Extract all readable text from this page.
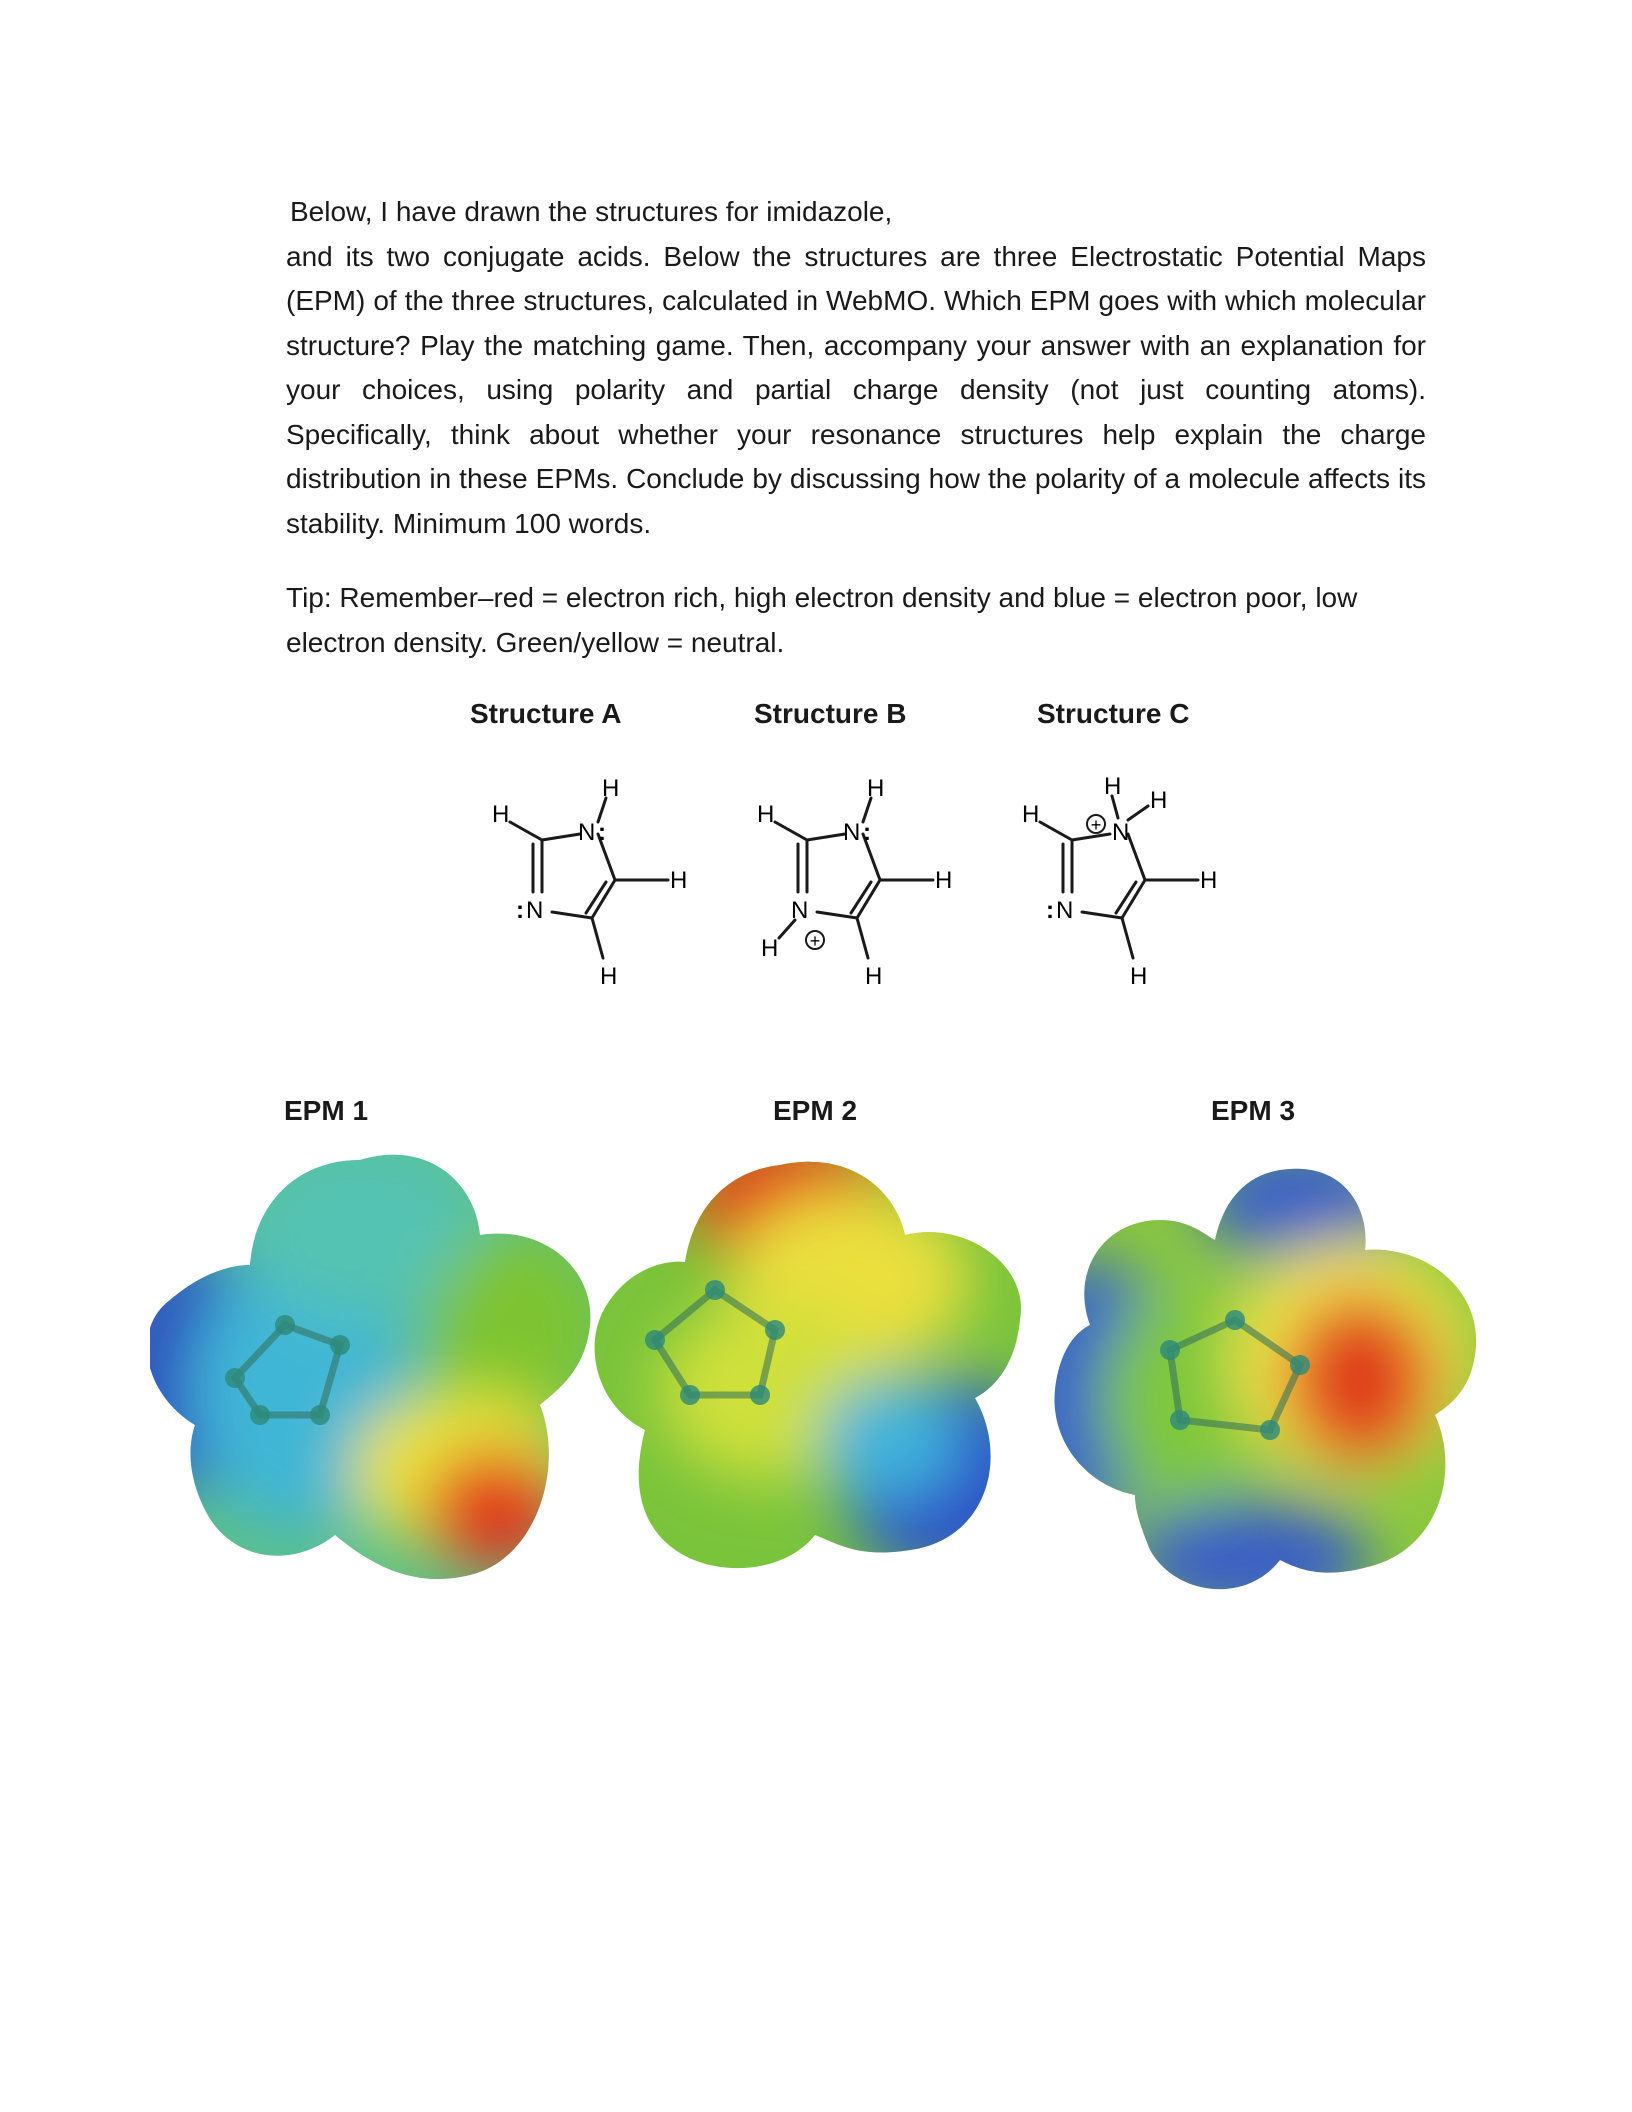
Below, I have drawn the structures for imidazole,
and its two conjugate acids. Below the structures are three Electrostatic Potential Maps (EPM) of the three structures, calculated in WebMO. Which EPM goes with which molecular structure? Play the matching game. Then, accompany your answer with an explanation for your choices, using polarity and partial charge density (not just counting atoms). Specifically, think about whether your resonance structures help explain the charge distribution in these EPMs. Conclude by discussing how the polarity of a molecule affects its stability. Minimum 100 words.
Tip: Remember–red = electron rich, high electron density and blue = electron poor, low electron density. Green/yellow = neutral.
Structure A	Structure B	Structure C
H
H
N :
H
: N
H
+
H
H
N :
H
N
H
H
+
H
H
H
N
H
: N
H
EPM 1	EPM 2	EPM 3
